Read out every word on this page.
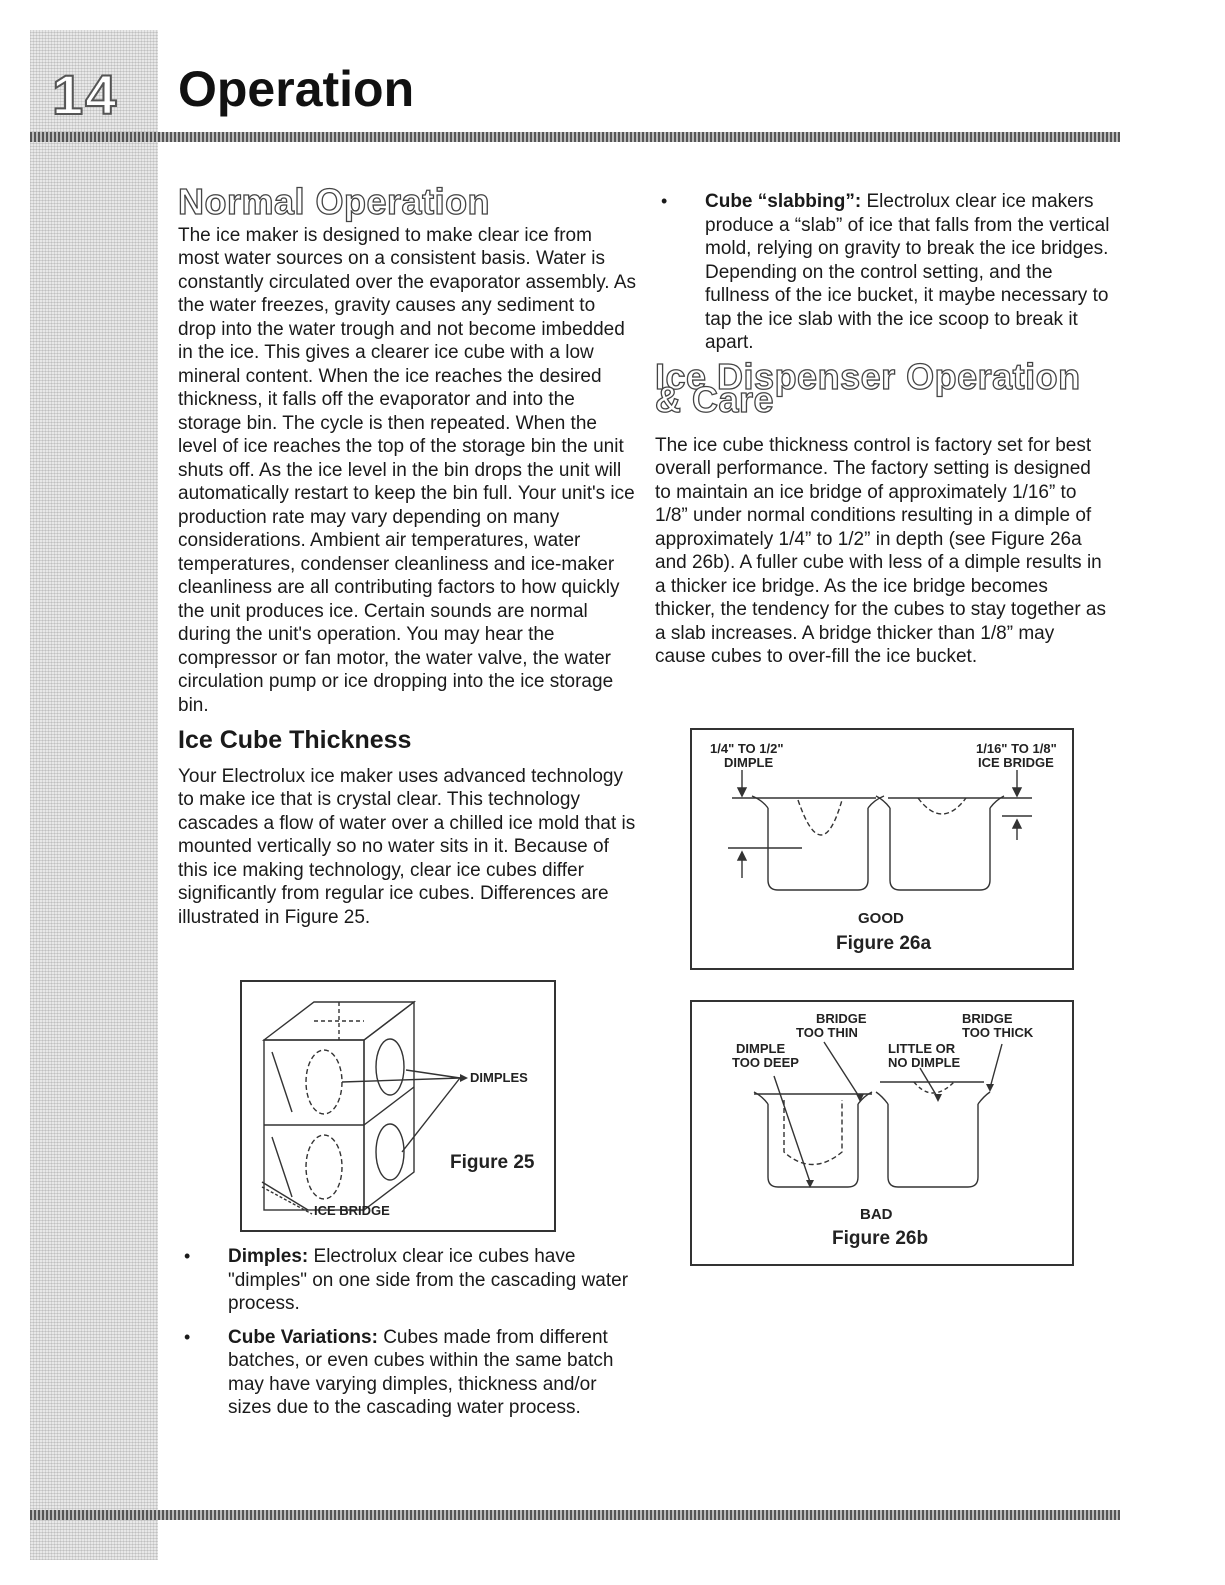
14 Operation
Normal Operation

The ice maker is designed to make clear ice from most water sources on a consistent basis. Water is constantly circulated over the evaporator assembly. As the water freezes, gravity causes any sediment to drop into the water trough and not become imbedded in the ice. This gives a clearer ice cube with a low mineral content. When the ice reaches the desired thickness, it falls off the evaporator and into the storage bin. The cycle is then repeated. When the level of ice reaches the top of the storage bin the unit shuts off. As the ice level in the bin drops the unit will automatically restart to keep the bin full. Your unit's ice production rate may vary depending on many considerations. Ambient air temperatures, water temperatures, condenser cleanliness and ice-maker cleanliness are all contributing factors to how quickly the unit produces ice. Certain sounds are normal during the unit's operation. You may hear the compressor or fan motor, the water valve, the water circulation pump or ice dropping into the ice storage bin.

Ice Cube Thickness

Your Electrolux ice maker uses advanced technology to make ice that is crystal clear. This technology cascades a flow of water over a chilled ice mold that is mounted vertically so no water sits in it. Because of this ice making technology, clear ice cubes differ significantly from regular ice cubes. Differences are illustrated in Figure 25.

DIMPLES
ICE BRIDGE
Figure 25
• Dimples: Electrolux clear ice cubes have "dimples" on one side from the cascading water process.
• Cube Variations: Cubes made from different batches, or even cubes within the same batch may have varying dimples, thickness and/or sizes due to the cascading water process.
• Cube “slabbing”: Electrolux clear ice makers produce a “slab” of ice that falls from the vertical mold, relying on gravity to break the ice bridges. Depending on the control setting, and the fullness of the ice bucket, it maybe necessary to tap the ice slab with the ice scoop to break it apart.
Ice Dispenser Operation & Care

The ice cube thickness control is factory set for best overall performance. The factory setting is designed to maintain an ice bridge of approximately 1/16” to 1/8” under normal conditions resulting in a dimple of approximately 1/4” to 1/2” in depth (see Figure 26a and 26b). A fuller cube with less of a dimple results in a thicker ice bridge. As the ice bridge becomes thicker, the tendency for the cubes to stay together as a slab increases. A bridge thicker than 1/8” may cause cubes to over-fill the ice bucket.

1/4" TO 1/2"
DIMPLE
1/16" TO 1/8"
ICE BRIDGE
GOOD
Figure 26a
BRIDGE
TOO THIN
BRIDGE
TOO THICK
DIMPLE
TOO DEEP
LITTLE OR
NO DIMPLE
BAD
Figure 26b
